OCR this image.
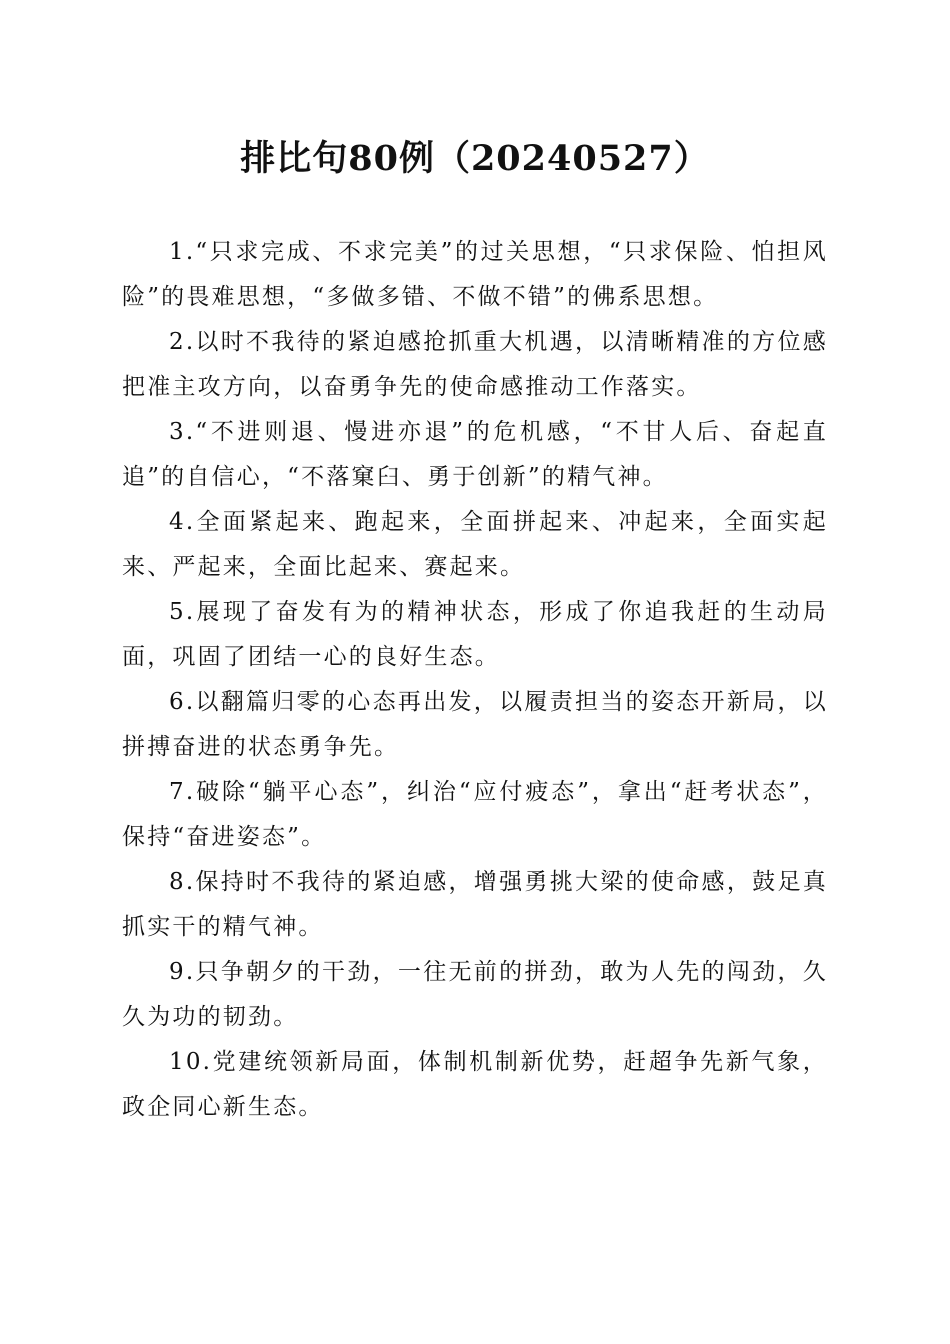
排比句80例（20240527）

1.“只求完成、不求完美”的过关思想，“只求保险、怕担风险”的畏难思想，“多做多错、不做不错”的佛系思想。

2.以时不我待的紧迫感抢抓重大机遇，以清晰精准的方位感把准主攻方向，以奋勇争先的使命感推动工作落实。

3.“不进则退、慢进亦退”的危机感，“不甘人后、奋起直追”的自信心，“不落窠臼、勇于创新”的精气神。

4.全面紧起来、跑起来，全面拼起来、冲起来，全面实起来、严起来，全面比起来、赛起来。

5.展现了奋发有为的精神状态，形成了你追我赶的生动局面，巩固了团结一心的良好生态。

6.以翻篇归零的心态再出发，以履责担当的姿态开新局，以拼搏奋进的状态勇争先。

7.破除“躺平心态”，纠治“应付疲态”，拿出“赶考状态”，保持“奋进姿态”。

8.保持时不我待的紧迫感，增强勇挑大梁的使命感，鼓足真抓实干的精气神。

9.只争朝夕的干劲，一往无前的拼劲，敢为人先的闯劲，久久为功的韧劲。

10.党建统领新局面，体制机制新优势，赶超争先新气象，政企同心新生态。
